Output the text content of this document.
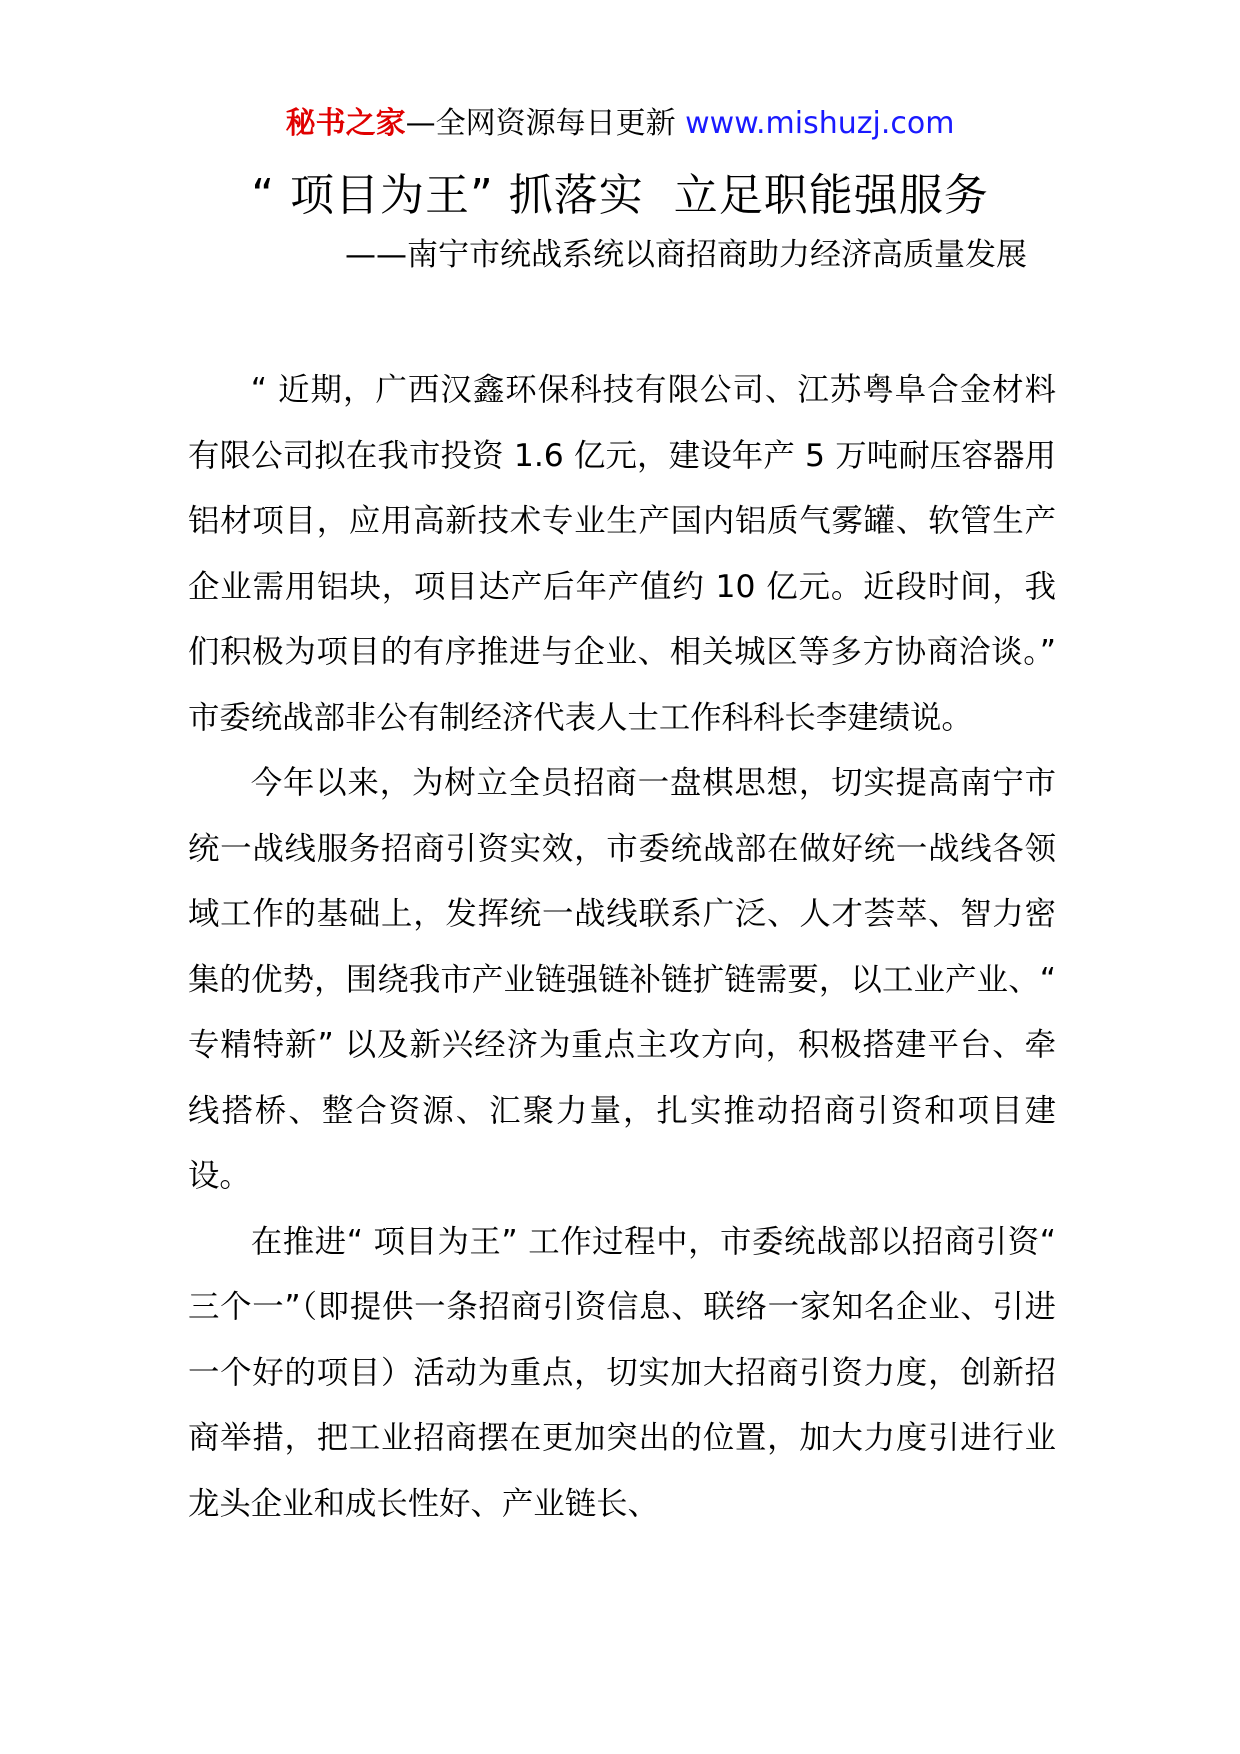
秘书之家—全网资源每日更新 www.mishuzj.com
“ 项目为王” 抓落实  立足职能强服务
——南宁市统战系统以商招商助力经济高质量发展

“ 近期，广西汉鑫环保科技有限公司、江苏粤阜合金材料有限公司拟在我市投资 1.6 亿元，建设年产 5 万吨耐压容器用铝材项目，应用高新技术专业生产国内铝质气雾罐、软管生产企业需用铝块，项目达产后年产值约 10 亿元。近段时间，我们积极为项目的有序推进与企业、相关城区等多方协商洽谈。” 市委统战部非公有制经济代表人士工作科科长李建绩说。

今年以来，为树立全员招商一盘棋思想，切实提高南宁市统一战线服务招商引资实效，市委统战部在做好统一战线各领域工作的基础上，发挥统一战线联系广泛、人才荟萃、智力密集的优势，围绕我市产业链强链补链扩链需要，以工业产业、“ 专精特新” 以及新兴经济为重点主攻方向，积极搭建平台、牵线搭桥、整合资源、汇聚力量，扎实推动招商引资和项目建设。

在推进“ 项目为王” 工作过程中，市委统战部以招商引资“ 三个一”（即提供一条招商引资信息、联络一家知名企业、引进一个好的项目）活动为重点，切实加大招商引资力度，创新招商举措，把工业招商摆在更加突出的位置，加大力度引进行业龙头企业和成长性好、产业链长、
